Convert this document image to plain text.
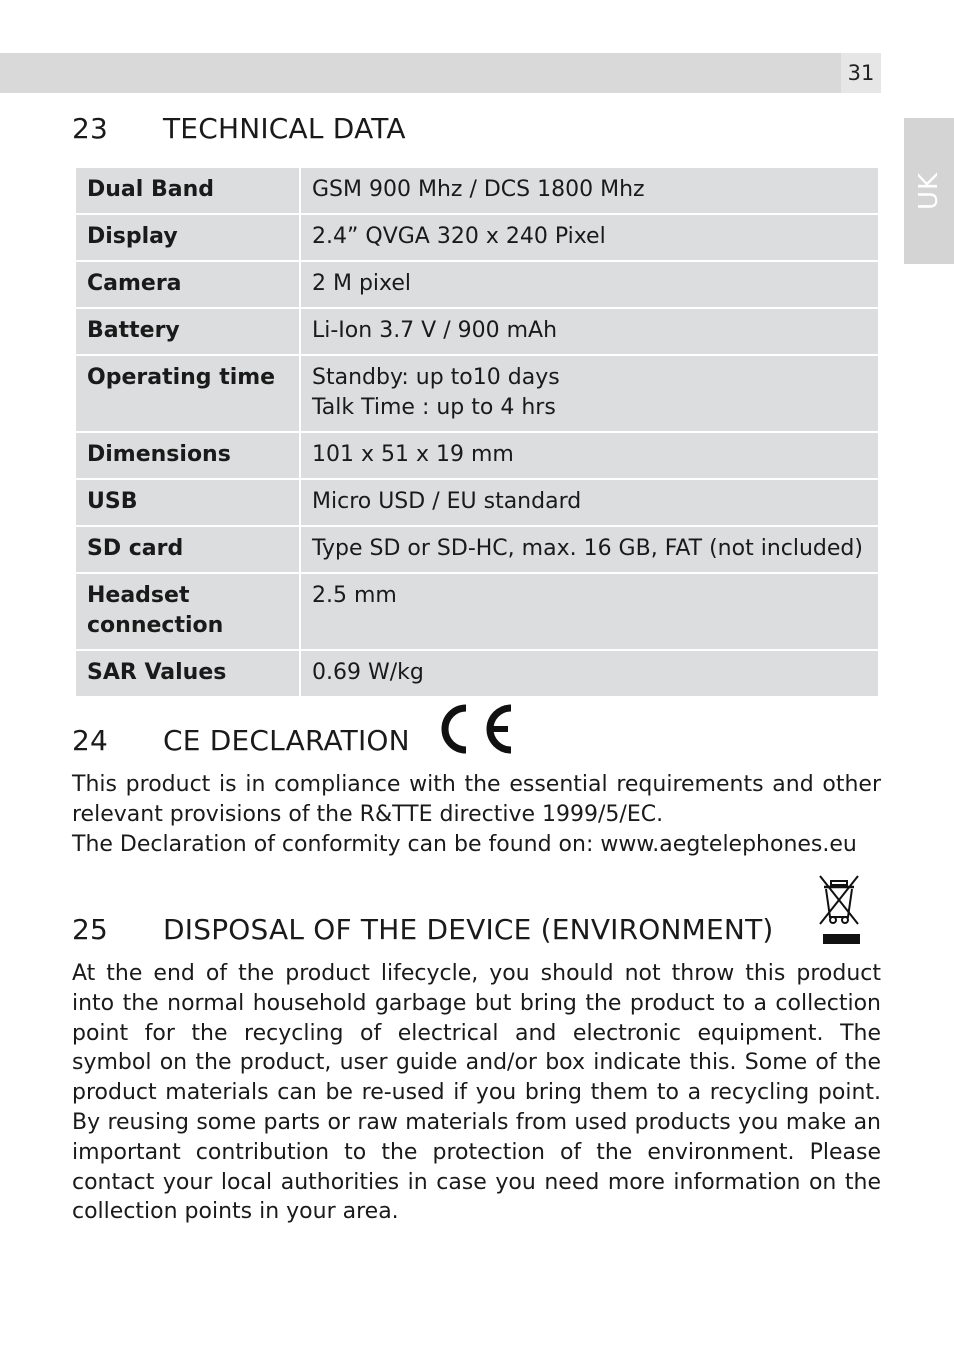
31
UK
23 TECHNICAL DATA
Dual Band	GSM 900 Mhz / DCS 1800 Mhz

Display	2.4” QVGA 320 x 240 Pixel

Camera	2 M pixel

Battery	Li-Ion 3.7 V / 900 mAh

Operating time	Standby: up to10 days
Talk Time : up to 4 hrs

Dimensions	101 x 51 x 19 mm

USB	Micro USD / EU standard

SD card	Type SD or SD-HC, max. 16 GB, FAT (not included)

Headset connection	2.5 mm

SAR Values	0.69 W/kg
24 CE DECLARATION

This product is in compliance with the essential requirements and other relevant provisions of the R&TTE directive 1999/5/EC.

The Declaration of conformity can be found on: www.aegtelephones.eu

25 DISPOSAL OF THE DEVICE (ENVIRONMENT)

At the end of the product lifecycle, you should not throw this product into the normal household garbage but bring the product to a collection point for the recycling of electrical and electronic equipment. The symbol on the product, user guide and/or box indicate this. Some of the product materials can be re-used if you bring them to a recycling point. By reusing some parts or raw materials from used products you make an important contribution to the protection of the environment. Please contact your local authorities in case you need more information on the collection points in your area.
